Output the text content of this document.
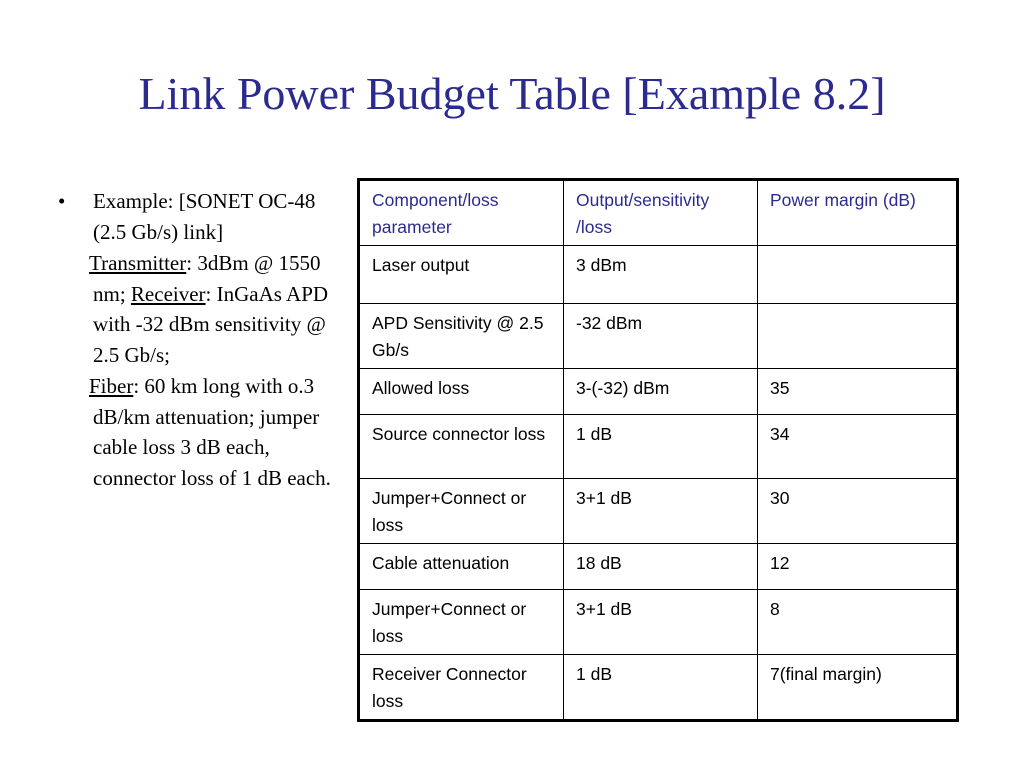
Link Power Budget Table [Example 8.2]
•	Example: [SONET OC-48 (2.5 Gb/s) link]
Transmitter: 3dBm @ 1550 nm; Receiver: InGaAs APD with -32 dBm sensitivity @ 2.5 Gb/s;
Fiber: 60 km long with o.3 dB/km attenuation; jumper cable loss 3 dB each, connector loss of 1 dB each.
Component/loss parameter	Output/sensitivity /loss	Power margin (dB)
Laser output	3 dBm	
APD Sensitivity @ 2.5 Gb/s	-32 dBm	
Allowed loss	3-(-32) dBm	35
Source connector loss	1 dB	34
Jumper+Connect or loss	3+1 dB	30
Cable attenuation	18 dB	12
Jumper+Connect or loss	3+1 dB	8
Receiver Connector loss	1 dB	7(final margin)
